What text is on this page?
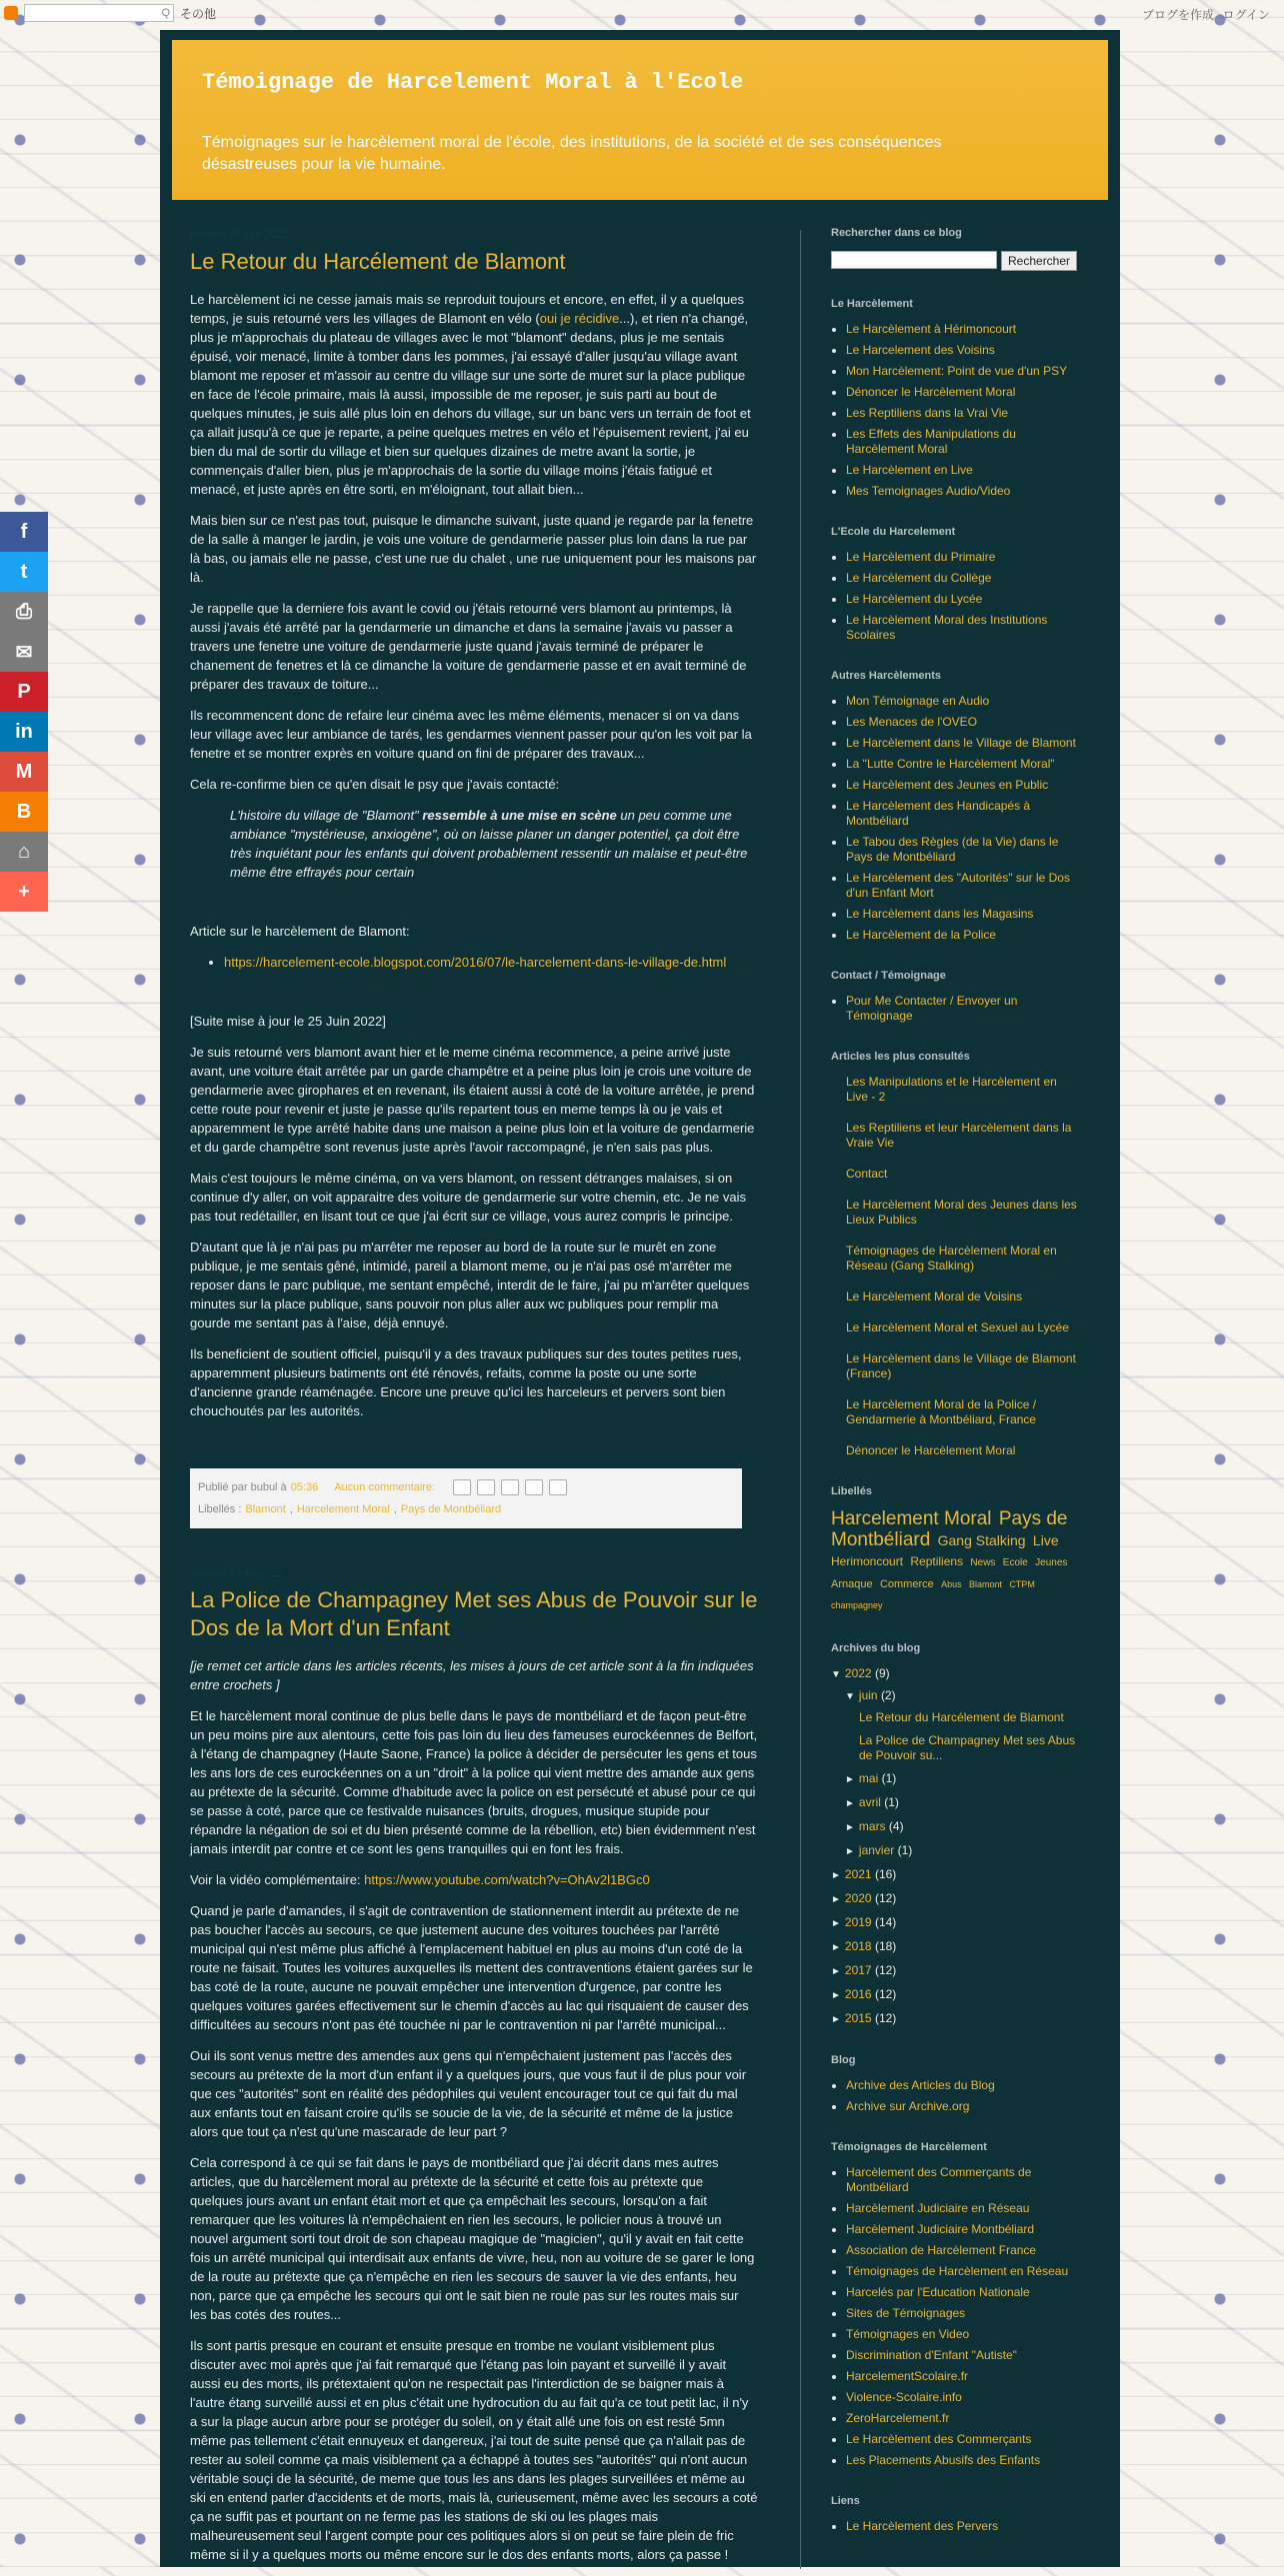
Q その他	ブログを作成 ログイン
f
t
⎙
✉
P
in
M
B
⌂
+
Témoignage de Harcelement Moral à l'Ecole
Témoignages sur le harcèlement moral de l'école, des institutions, de la société et de ses conséquences désastreuses pour la vie humaine.
samedi 25 juin 2022
Le Retour du Harcélement de Blamont

Le harcèlement ici ne cesse jamais mais se reproduit toujours et encore, en effet, il y a quelques temps, je suis retourné vers les villages de Blamont en vélo (oui je récidive...), et rien n'a changé, plus je m'approchais du plateau de villages avec le mot "blamont" dedans, plus je me sentais épuisé, voir menacé, limite à tomber dans les pommes, j'ai essayé d'aller jusqu'au village avant blamont me reposer et m'assoir au centre du village sur une sorte de muret sur la place publique en face de l'école primaire, mais là aussi, impossible de me reposer, je suis parti au bout de quelques minutes, je suis allé plus loin en dehors du village, sur un banc vers un terrain de foot et ça allait jusqu'à ce que je reparte, a peine quelques metres en vélo et l'épuisement revient, j'ai eu bien du mal de sortir du village et bien sur quelques dizaines de metre avant la sortie, je commençais d'aller bien, plus je m'approchais de la sortie du village moins j'étais fatigué et menacé, et juste après en être sorti, en m'éloignant, tout allait bien...

Mais bien sur ce n'est pas tout, puisque le dimanche suivant, juste quand je regarde par la fenetre de la salle à manger le jardin, je vois une voiture de gendarmerie passer plus loin dans la rue par là bas, ou jamais elle ne passe, c'est une rue du chalet , une rue uniquement pour les maisons par là.

Je rappelle que la derniere fois avant le covid ou j'étais retourné vers blamont au printemps, là aussi j'avais été arrêté par la gendarmerie un dimanche et dans la semaine j'avais vu passer a travers une fenetre une voiture de gendarmerie juste quand j'avais terminé de préparer le chanement de fenetres et là ce dimanche la voiture de gendarmerie passe et en avait terminé de préparer des travaux de toiture...

Ils recommencent donc de refaire leur cinéma avec les même éléments, menacer si on va dans leur village avec leur ambiance de tarés, les gendarmes viennent passer pour qu'on les voit par la fenetre et se montrer exprès en voiture quand on fini de préparer des travaux...

Cela re-confirme bien ce qu'en disait le psy que j'avais contacté:

L'histoire du village de "Blamont" ressemble à une mise en scène un peu comme une ambiance "mystérieuse, anxiogène", où on laisse planer un danger potentiel, ça doit être très inquiétant pour les enfants qui doivent probablement ressentir un malaise et peut-être même être effrayés pour certain

Article sur le harcèlement de Blamont:

• https://harcelement-ecole.blogspot.com/2016/07/le-harcelement-dans-le-village-de.html

[Suite mise à jour le 25 Juin 2022]

Je suis retourné vers blamont avant hier et le meme cinéma recommence, a peine arrivé juste avant, une voiture était arrêtée par un garde champêtre et a peine plus loin je crois une voiture de gendarmerie avec girophares et en revenant, ils étaient aussi à coté de la voiture arrêtée, je prend cette route pour revenir et juste je passe qu'ils repartent tous en meme temps là ou je vais et apparemment le type arrêté habite dans une maison a peine plus loin et la voiture de gendarmerie et du garde champêtre sont revenus juste après l'avoir raccompagné, je n'en sais pas plus.

Mais c'est toujours le même cinéma, on va vers blamont, on ressent détranges malaises, si on continue d'y aller, on voit apparaitre des voiture de gendarmerie sur votre chemin, etc. Je ne vais pas tout redétailler, en lisant tout ce que j'ai écrit sur ce village, vous aurez compris le principe.

D'autant que là je n'ai pas pu m'arrêter me reposer au bord de la route sur le murêt en zone publique, je me sentais gêné, intimidé, pareil a blamont meme, ou je n'ai pas osé m'arrêter me reposer dans le parc publique, me sentant empêché, interdit de le faire, j'ai pu m'arrêter quelques minutes sur la place publique, sans pouvoir non plus aller aux wc publiques pour remplir ma gourde me sentant pas à l'aise, déjà ennuyé.

Ils beneficient de soutient officiel, puisqu'il y a des travaux publiques sur des toutes petites rues, apparemment plusieurs batiments ont été rénovés, refaits, comme la poste ou une sorte d'ancienne grande réaménagée. Encore une preuve qu'ici les harceleurs et pervers sont bien chouchoutés par les autorités.

Publié par bubul à 05:36 Aucun commentaire:
Libellés : Blamont , Harcelement Moral , Pays de Montbéliard
samedi 4 juin 2022
La Police de Champagney Met ses Abus de Pouvoir sur le Dos de la Mort d'un Enfant

[je remet cet article dans les articles récents, les mises à jours de cet article sont à la fin indiquées entre crochets ]

Et le harcèlement moral continue de plus belle dans le pays de montbéliard et de façon peut-être un peu moins pire aux alentours, cette fois pas loin du lieu des fameuses eurockéennes de Belfort, à l'étang de champagney (Haute Saone, France) la police à décider de persécuter les gens et tous les ans lors de ces eurockéennes on a un "droit" à la police qui vient mettre des amande aux gens au prétexte de la sécurité. Comme d'habitude avec la police on est persécuté et abusé pour ce qui se passe à coté, parce que ce festivalde nuisances (bruits, drogues, musique stupide pour répandre la négation de soi et du bien présenté comme de la rébellion, etc) bien évidemment n'est jamais interdit par contre et ce sont les gens tranquilles qui en font les frais.

Voir la vidéo complémentaire: https://www.youtube.com/watch?v=OhAv2l1BGc0

Quand je parle d'amandes, il s'agit de contravention de stationnement interdit au prétexte de ne pas boucher l'accès au secours, ce que justement aucune des voitures touchées par l'arrêté municipal qui n'est même plus affiché à l'emplacement habituel en plus au moins d'un coté de la route ne faisait. Toutes les voitures auxquelles ils mettent des contraventions étaient garées sur le bas coté de la route, aucune ne pouvait empêcher une intervention d'urgence, par contre les quelques voitures garées effectivement sur le chemin d'accès au lac qui risquaient de causer des difficultées au secours n'ont pas été touchée ni par le contravention ni par l'arrêté municipal...

Oui ils sont venus mettre des amendes aux gens qui n'empêchaient justement pas l'accès des secours au prétexte de la mort d'un enfant il y a quelques jours, que vous faut il de plus pour voir que ces "autorités" sont en réalité des pédophiles qui veulent encourager tout ce qui fait du mal aux enfants tout en faisant croire qu'ils se soucie de la vie, de la sécurité et même de la justice alors que tout ça n'est qu'une mascarade de leur part ?

Cela correspond à ce qui se fait dans le pays de montbéliard que j'ai décrit dans mes autres articles, que du harcèlement moral au prétexte de la sécurité et cette fois au prétexte que quelques jours avant un enfant était mort et que ça empêchait les secours, lorsqu'on a fait remarquer que les voitures là n'empêchaient en rien les secours, le policier nous à trouvé un nouvel argument sorti tout droit de son chapeau magique de "magicien", qu'il y avait en fait cette fois un arrêté municipal qui interdisait aux enfants de vivre, heu, non au voiture de se garer le long de la route au prétexte que ça n'empêche en rien les secours de sauver la vie des enfants, heu non, parce que ça empêche les secours qui ont le sait bien ne roule pas sur les routes mais sur les bas cotés des routes...

Ils sont partis presque en courant et ensuite presque en trombe ne voulant visiblement plus discuter avec moi après que j'ai fait remarqué que l'étang pas loin payant et surveillé il y avait aussi eu des morts, ils prétextaient qu'on ne respectait pas l'interdiction de se baigner mais à l'autre étang surveillé aussi et en plus c'était une hydrocution du au fait qu'a ce tout petit lac, il n'y a sur la plage aucun arbre pour se protéger du soleil, on y était allé une fois on est resté 5mn même pas tellement c'était ennuyeux et dangereux, j'ai tout de suite pensé que ça n'allait pas de rester au soleil comme ça mais visiblement ça a échappé à toutes ses "autorités" qui n'ont aucun véritable souçi de la sécurité, de meme que tous les ans dans les plages surveillées et même au ski en entend parler d'accidents et de morts, mais là, curieusement, même avec les secours a coté ça ne suffit pas et pourtant on ne ferme pas les stations de ski ou les plages mais malheureusement seul l'argent compte pour ces politiques alors si on peut se faire plein de fric même si il y a quelques morts ou même encore sur le dos des enfants morts, alors ça passe !

Rechercher dans ce blog
Rechercher
Le Harcèlement
• Le Harcèlement à Hérimoncourt
• Le Harcelement des Voisins
• Mon Harcèlement: Point de vue d'un PSY
• Dénoncer le Harcèlement Moral
• Les Reptiliens dans la Vrai Vie
• Les Effets des Manipulations du Harcèlement Moral
• Le Harcèlement en Live
• Mes Temoignages Audio/Video
L'Ecole du Harcelement
• Le Harcèlement du Primaire
• Le Harcèlement du Collège
• Le Harcèlement du Lycée
• Le Harcèlement Moral des Institutions Scolaires
Autres Harcèlements
• Mon Témoignage en Audio
• Les Menaces de l'OVEO
• Le Harcèlement dans le Village de Blamont
• La "Lutte Contre le Harcèlement Moral"
• Le Harcèlement des Jeunes en Public
• Le Harcèlement des Handicapés à Montbéliard
• Le Tabou des Règles (de la Vie) dans le Pays de Montbéliard
• Le Harcèlement des "Autorités" sur le Dos d'un Enfant Mort
• Le Harcèlement dans les Magasins
• Le Harcèlement de la Police
Contact / Témoignage
• Pour Me Contacter / Envoyer un Témoignage
Articles les plus consultés
Les Manipulations et le Harcèlement en Live - 2
Les Reptiliens et leur Harcèlement dans la Vraie Vie
Contact
Le Harcèlement Moral des Jeunes dans les Lieux Publics
Témoignages de Harcèlement Moral en Réseau (Gang Stalking)
Le Harcèlement Moral de Voisins
Le Harcèlement Moral et Sexuel au Lycée
Le Harcèlement dans le Village de Blamont (France)
Le Harcèlement Moral de la Police / Gendarmerie à Montbéliard, France
Dénoncer le Harcèlement Moral
Libellés
Harcelement Moral Pays de Montbéliard Gang Stalking Live Herimoncourt Reptiliens News Ecole Jeunes Arnaque Commerce Abus Blamont CTPM champagney
Archives du blog
▼ 2022 (9)
▼ juin (2)
Le Retour du Harcélement de Blamont
La Police de Champagney Met ses Abus de Pouvoir su...
► mai (1)
► avril (1)
► mars (4)
► janvier (1)
► 2021 (16)
► 2020 (12)
► 2019 (14)
► 2018 (18)
► 2017 (12)
► 2016 (12)
► 2015 (12)
Blog
• Archive des Articles du Blog
• Archive sur Archive.org
Témoignages de Harcèlement
• Harcèlement des Commerçants de Montbéliard
• Harcèlement Judiciaire en Réseau
• Harcèlement Judiciaire Montbéliard
• Association de Harcèlement France
• Témoignages de Harcèlement en Réseau
• Harcelés par l'Education Nationale
• Sites de Témoignages
• Témoignages en Video
• Discrimination d'Enfant "Autiste"
• HarcelementScolaire.fr
• Violence-Scolaire.info
• ZeroHarcelement.fr
• Le Harcèlement des Commerçants
• Les Placements Abusifs des Enfants
Liens
• Le Harcèlement des Pervers
